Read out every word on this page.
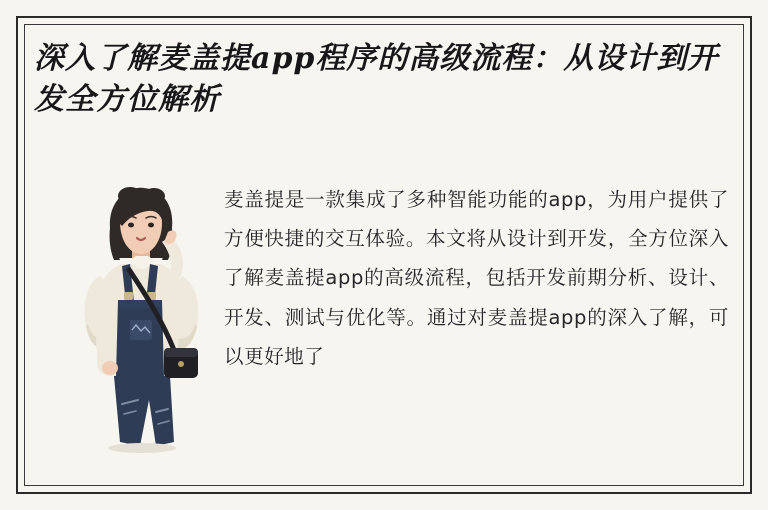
深入了解麦盖提app程序的高级流程：从设计到开发全方位解析

麦盖提是一款集成了多种智能功能的app，为用户提供了方便快捷的交互体验。本文将从设计到开发，全方位深入了解麦盖提app的高级流程，包括开发前期分析、设计、开发、测试与优化等。通过对麦盖提app的深入了解，可以更好地了
